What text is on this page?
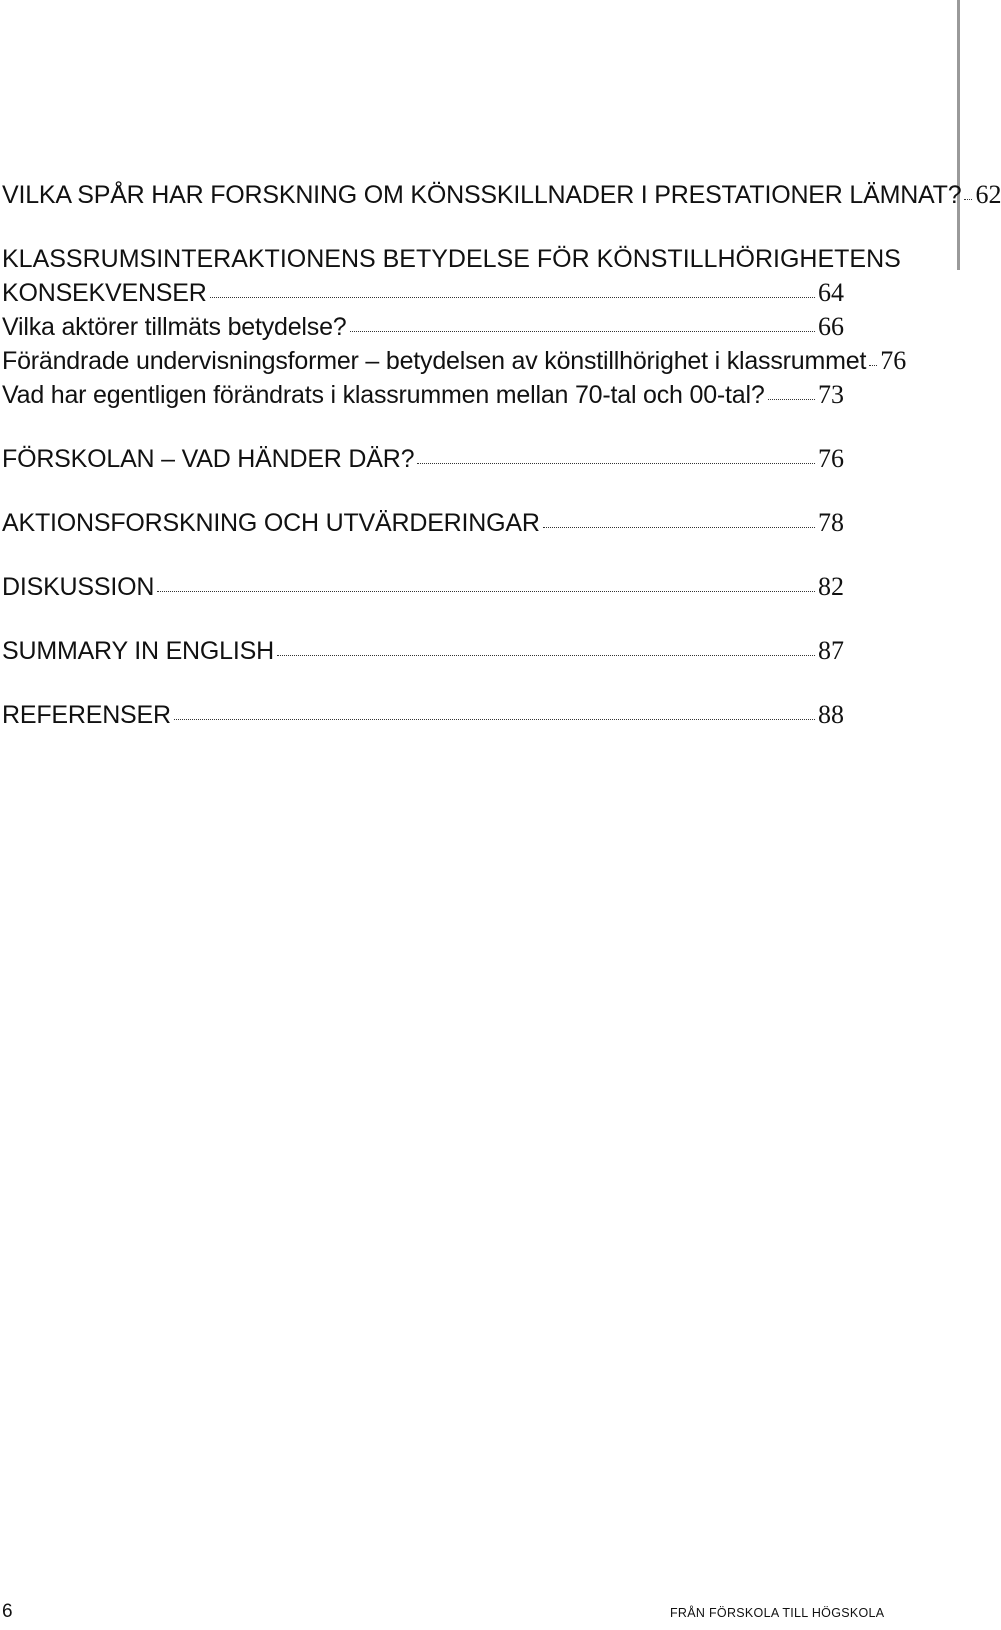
VILKA SPÅR HAR FORSKNING OM KÖNSSKILLNADER I PRESTATIONER LÄMNAT? 62
KLASSRUMSINTERAKTIONENS BETYDELSE FÖR KÖNSTILLHÖRIGHETENS
KONSEKVENSER	64
Vilka aktörer tillmäts betydelse?	66
Förändrade undervisningsformer – betydelsen av könstillhörighet i klassrummet 76
Vad har egentligen förändrats i klassrummen mellan 70-tal och 00-tal? 73
FÖRSKOLAN – VAD HÄNDER DÄR?	76
AKTIONSFORSKNING OCH UTVÄRDERINGAR	78
DISKUSSION	82
SUMMARY IN ENGLISH	87
REFERENSER	88
6	FRÅN FÖRSKOLA TILL HÖGSKOLA
